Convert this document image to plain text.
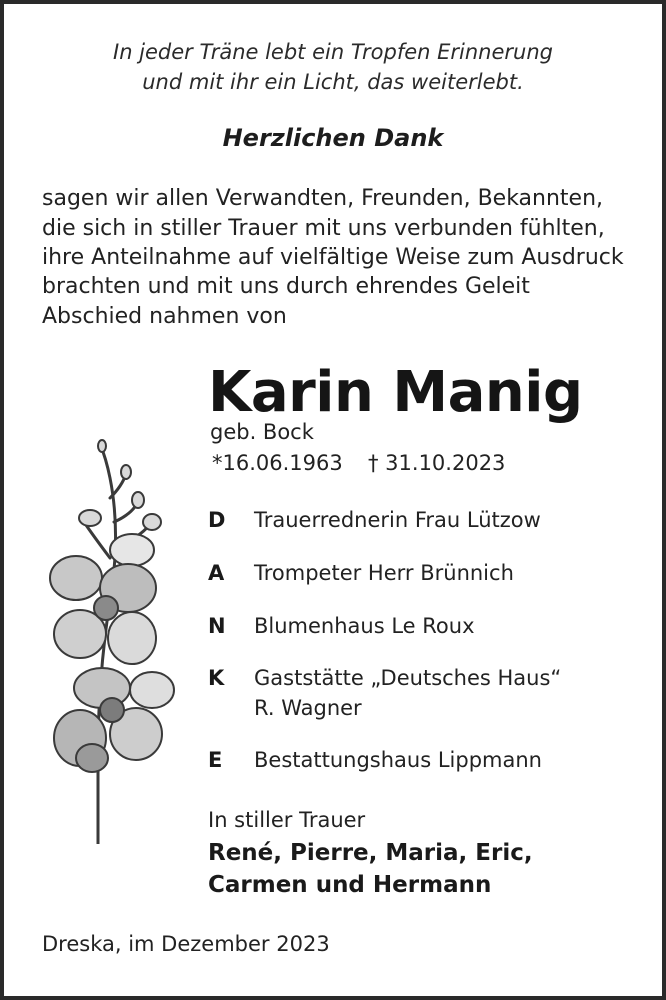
In jeder Träne lebt ein Tropfen Erinnerung
und mit ihr ein Licht, das weiterlebt.
Herzlichen Dank
sagen wir allen Verwandten, Freunden, Bekannten,
die sich in stiller Trauer mit uns verbunden fühlten,
ihre Anteilnahme auf vielfältige Weise zum Ausdruck
brachten und mit uns durch ehrendes Geleit
Abschied nahmen von
Karin Manig
geb. Bock
*16.06.1963 † 31.10.2023
D Trauerrednerin Frau Lützow
A Trompeter Herr Brünnich
N Blumenhaus Le Roux
K Gaststätte „Deutsches Haus“
R. Wagner
E Bestattungshaus Lippmann
In stiller Trauer
René, Pierre, Maria, Eric,
Carmen und Hermann
Dreska, im Dezember 2023
